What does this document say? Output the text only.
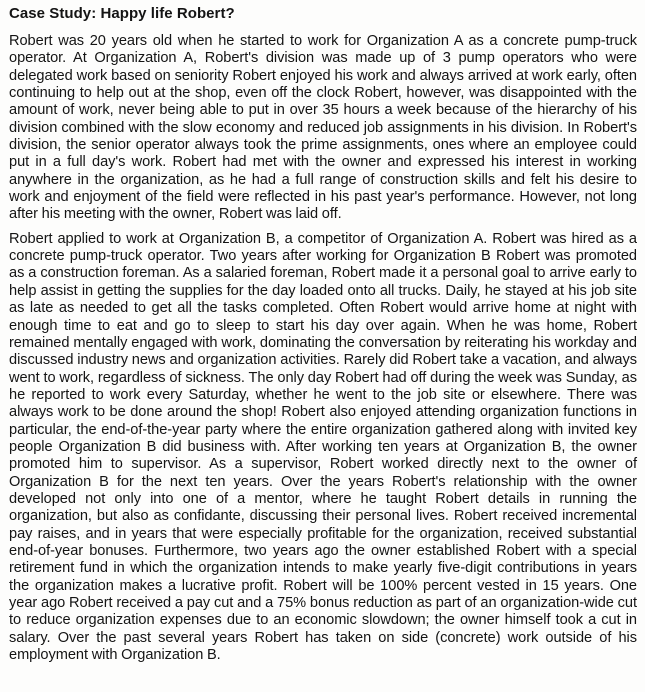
Case Study: Happy life Robert?

Robert was 20 years old when he started to work for Organization A as a concrete pump-truck operator. At Organization A, Robert's division was made up of 3 pump operators who were delegated work based on seniority Robert enjoyed his work and always arrived at work early, often continuing to help out at the shop, even off the clock Robert, however, was disappointed with the amount of work, never being able to put in over 35 hours a week because of the hierarchy of his division combined with the slow economy and reduced job assignments in his division. In Robert's division, the senior operator always took the prime assignments, ones where an employee could put in a full day's work. Robert had met with the owner and expressed his interest in working anywhere in the organization, as he had a full range of construction skills and felt his desire to work and enjoyment of the field were reflected in his past year's performance. However, not long after his meeting with the owner, Robert was laid off.

Robert applied to work at Organization B, a competitor of Organization A. Robert was hired as a concrete pump-truck operator. Two years after working for Organization B Robert was promoted as a construction foreman. As a salaried foreman, Robert made it a personal goal to arrive early to help assist in getting the supplies for the day loaded onto all trucks. Daily, he stayed at his job site as late as needed to get all the tasks completed. Often Robert would arrive home at night with enough time to eat and go to sleep to start his day over again. When he was home, Robert remained mentally engaged with work, dominating the conversation by reiterating his workday and discussed industry news and organization activities. Rarely did Robert take a vacation, and always went to work, regardless of sickness. The only day Robert had off during the week was Sunday, as he reported to work every Saturday, whether he went to the job site or elsewhere. There was always work to be done around the shop! Robert also enjoyed attending organization functions in particular, the end-of-the-year party where the entire organization gathered along with invited key people Organization B did business with. After working ten years at Organization B, the owner promoted him to supervisor. As a supervisor, Robert worked directly next to the owner of Organization B for the next ten years. Over the years Robert's relationship with the owner developed not only into one of a mentor, where he taught Robert details in running the organization, but also as confidante, discussing their personal lives. Robert received incremental pay raises, and in years that were especially profitable for the organization, received substantial end-of-year bonuses. Furthermore, two years ago the owner established Robert with a special retirement fund in which the organization intends to make yearly five-digit contributions in years the organization makes a lucrative profit. Robert will be 100% percent vested in 15 years. One year ago Robert received a pay cut and a 75% bonus reduction as part of an organization-wide cut to reduce organization expenses due to an economic slowdown; the owner himself took a cut in salary. Over the past several years Robert has taken on side (concrete) work outside of his employment with Organization B.
